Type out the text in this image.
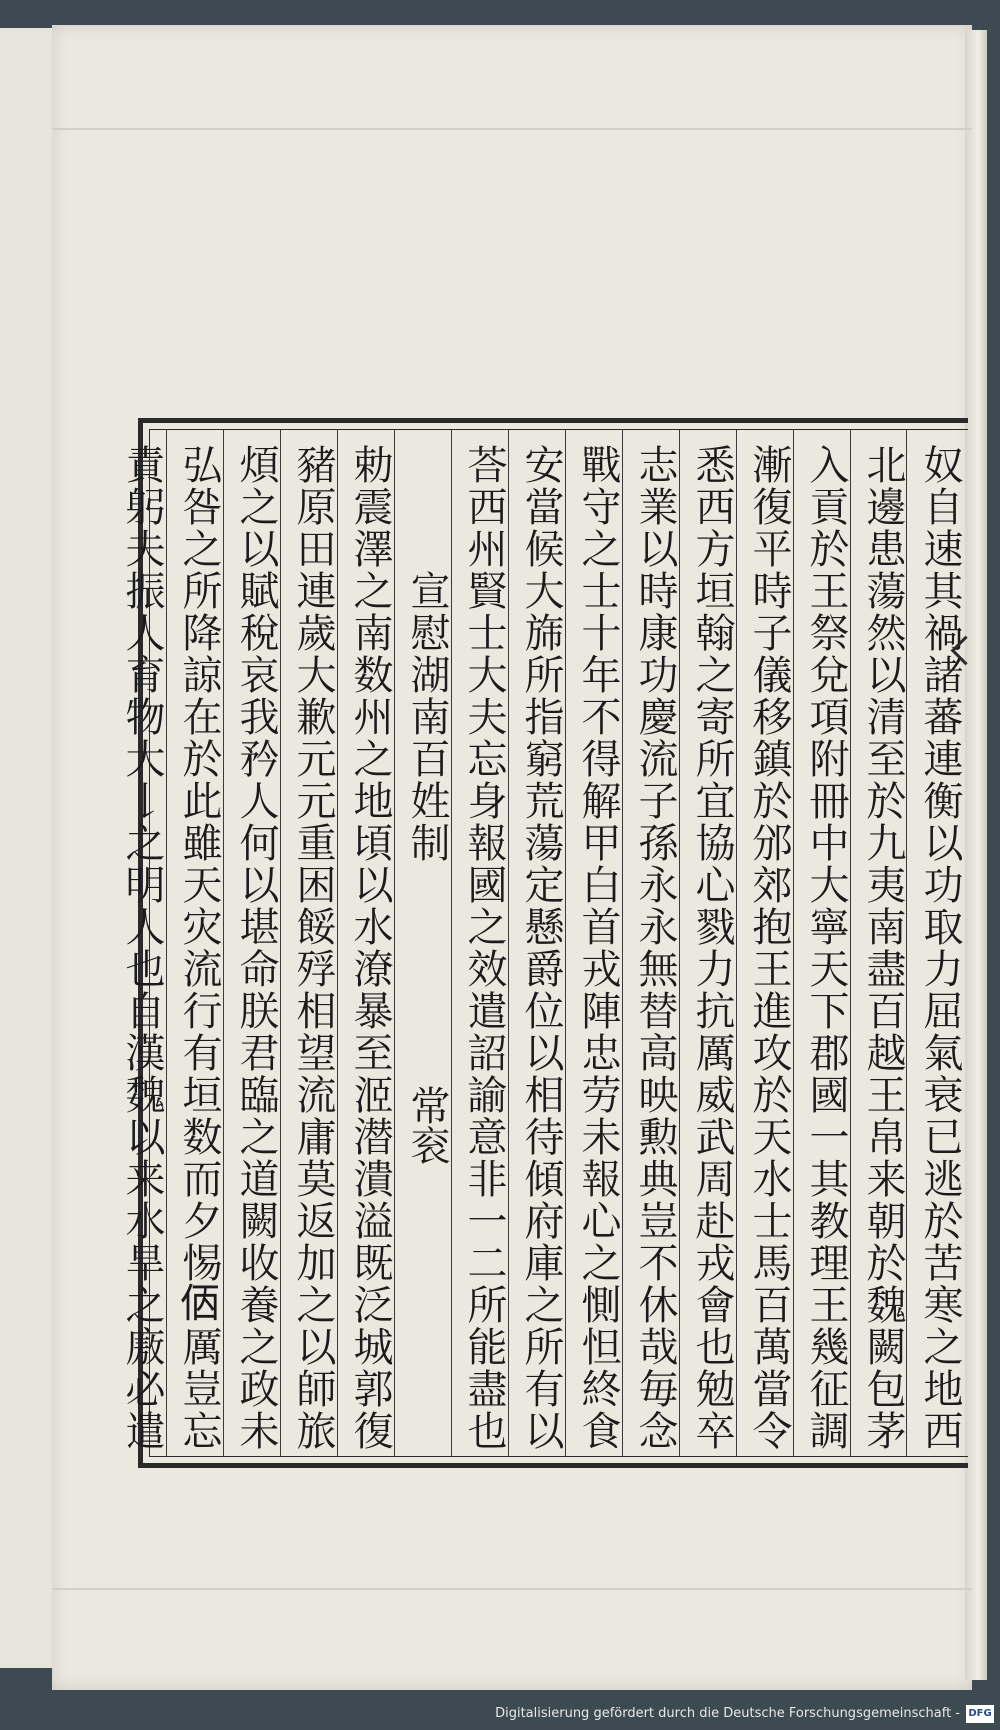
奴自速其禍諸蕃連衡以功取力屈氣衰已逃於苦寒之地西
北邊患蕩然以清至於九夷南盡百越王帛来朝於魏闕包茅
入貢於王祭兌項附冊中大寧天下郡國一其教理王幾征調
漸復平時子儀移鎮於邠郊抱王進攻於天水士馬百萬當令
悉西方垣翰之寄所宜協心戮力抗厲威武周赴戎會也勉卒
志業以時康功慶流子孫永永無替高映勲典豈不休哉毎念
戰守之士十年不得解甲白首戎陣忠劳未報心之惻怛終食
安當候大旆所指窮荒蕩定懸爵位以相待傾府庫之所有以
荅西州賢士大夫忘身報國之效遣詔諭意非一二所能盡也
宣慰湖南百姓制
常衮
勅震澤之南数州之地頃以水潦暴至洍潜潰溢既泛城郭復
豬原田連歲大歉元元重困餒殍相望流庸莫返加之以師旅
煩之以賦稅哀我矜人何以堪命朕君臨之道闕收養之政未
弘咎之所降諒在於此雖天灾流行有垣数而夕惕𠈇厲豈忘
責躬夫振人育物大𠄌之明人也自漢魏以来水旱之廒必遣
Digitalisierung gefördert durch die Deutsche Forschungsgemeinschaft - DFG
